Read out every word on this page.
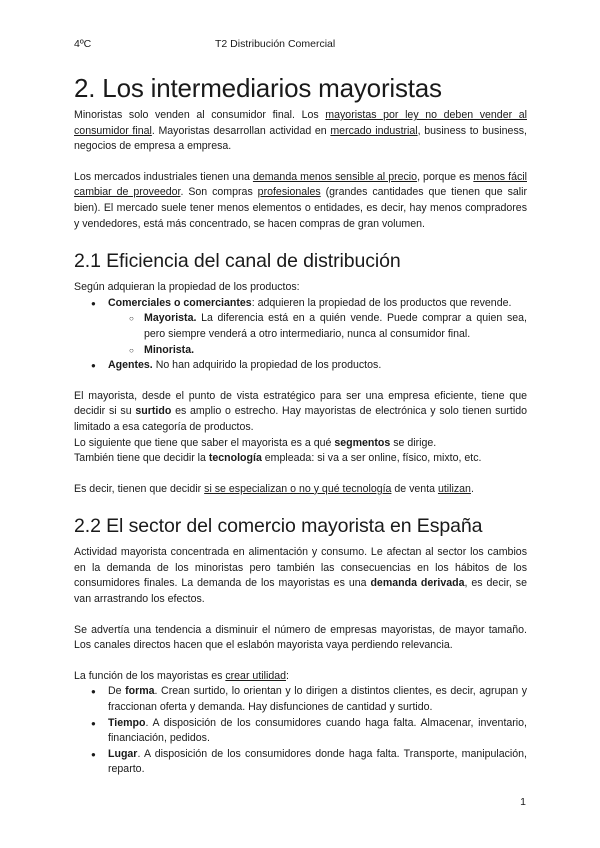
4ºC	T2 Distribución Comercial
2. Los intermediarios mayoristas

Minoristas solo venden al consumidor final. Los mayoristas por ley no deben vender al consumidor final. Mayoristas desarrollan actividad en mercado industrial, business to business, negocios de empresa a empresa.

Los mercados industriales tienen una demanda menos sensible al precio, porque es menos fácil cambiar de proveedor. Son compras profesionales (grandes cantidades que tienen que salir bien). El mercado suele tener menos elementos o entidades, es decir, hay menos compradores y vendedores, está más concentrado, se hacen compras de gran volumen.

2.1 Eficiencia del canal de distribución

Según adquieran la propiedad de los productos:

● Comerciales o comerciantes: adquieren la propiedad de los productos que revende.
○ Mayorista. La diferencia está en a quién vende. Puede comprar a quien sea, pero siempre venderá a otro intermediario, nunca al consumidor final.
○ Minorista.
● Agentes. No han adquirido la propiedad de los productos.

El mayorista, desde el punto de vista estratégico para ser una empresa eficiente, tiene que decidir si su surtido es amplio o estrecho. Hay mayoristas de electrónica y solo tienen surtido limitado a esa categoría de productos.

Lo siguiente que tiene que saber el mayorista es a qué segmentos se dirige.

También tiene que decidir la tecnología empleada: si va a ser online, físico, mixto, etc.

Es decir, tienen que decidir si se especializan o no y qué tecnología de venta utilizan.

2.2 El sector del comercio mayorista en España

Actividad mayorista concentrada en alimentación y consumo. Le afectan al sector los cambios en la demanda de los minoristas pero también las consecuencias en los hábitos de los consumidores finales. La demanda de los mayoristas es una demanda derivada, es decir, se van arrastrando los efectos.

Se advertía una tendencia a disminuir el número de empresas mayoristas, de mayor tamaño. Los canales directos hacen que el eslabón mayorista vaya perdiendo relevancia.

La función de los mayoristas es crear utilidad:

● De forma. Crean surtido, lo orientan y lo dirigen a distintos clientes, es decir, agrupan y fraccionan oferta y demanda. Hay disfunciones de cantidad y surtido.
● Tiempo. A disposición de los consumidores cuando haga falta. Almacenar, inventario, financiación, pedidos.
● Lugar. A disposición de los consumidores donde haga falta. Transporte, manipulación, reparto.
1
